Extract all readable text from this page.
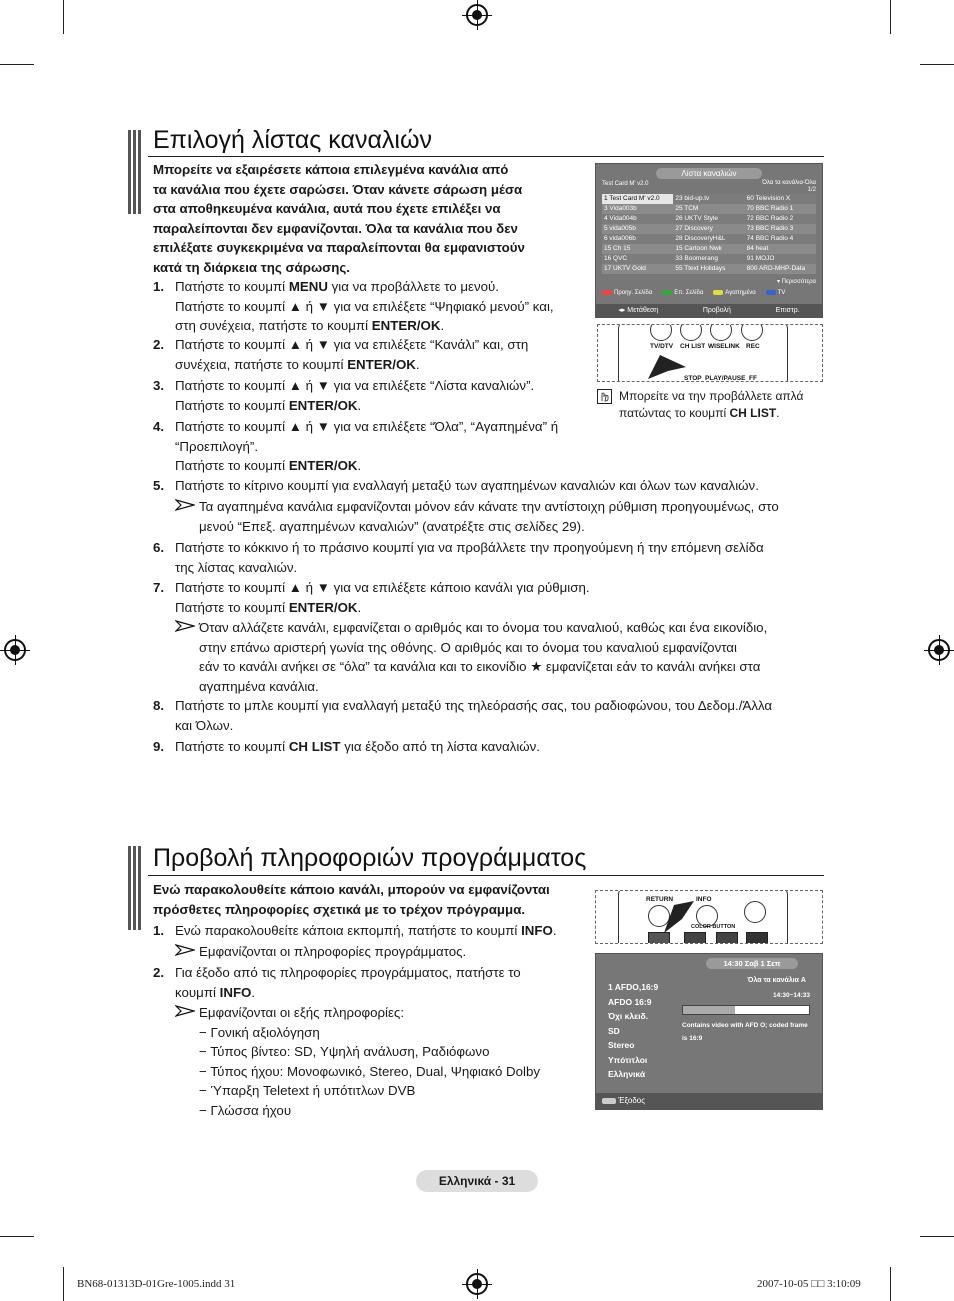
Επιλογή λίστας καναλιών
Μπορείτε να εξαιρέσετε κάποια επιλεγμένα κανάλια από
τα κανάλια που έχετε σαρώσει. Όταν κάνετε σάρωση μέσα
στα αποθηκευμένα κανάλια, αυτά που έχετε επιλέξει να
παραλείπονται δεν εμφανίζονται. Όλα τα κανάλια που δεν
επιλέξατε συγκεκριμένα να παραλείπονται θα εμφανιστούν
κατά τη διάρκεια της σάρωσης.
1. Πατήστε το κουμπί MENU για να προβάλλετε το μενού.
Πατήστε το κουμπί ▲ ή ▼ για να επιλέξετε “Ψηφιακό μενού” και,
στη συνέχεια, πατήστε το κουμπί ENTER/OK.
2. Πατήστε το κουμπί ▲ ή ▼ για να επιλέξετε “Κανάλι” και, στη
συνέχεια, πατήστε το κουμπί ENTER/OK.
3. Πατήστε το κουμπί ▲ ή ▼ για να επιλέξετε “Λίστα καναλιών”.
Πατήστε το κουμπί ENTER/OK.
4. Πατήστε το κουμπί ▲ ή ▼ για να επιλέξετε “Όλα”, “Αγαπημένα” ή
“Προεπιλογή”.
Πατήστε το κουμπί ENTER/OK.
5. Πατήστε το κίτρινο κουμπί για εναλλαγή μεταξύ των αγαπημένων καναλιών και όλων των καναλιών.
Τα αγαπημένα κανάλια εμφανίζονται μόνον εάν κάνατε την αντίστοιχη ρύθμιση προηγουμένως, στο
μενού “Επεξ. αγαπημένων καναλιών” (ανατρέξτε στις σελίδες 29).
6. Πατήστε το κόκκινο ή το πράσινο κουμπί για να προβάλλετε την προηγούμενη ή την επόμενη σελίδα
της λίστας καναλιών.
7. Πατήστε το κουμπί ▲ ή ▼ για να επιλέξετε κάποιο κανάλι για ρύθμιση.
Πατήστε το κουμπί ENTER/OK.
Όταν αλλάζετε κανάλι, εμφανίζεται ο αριθμός και το όνομα του καναλιού, καθώς και ένα εικονίδιο,
στην επάνω αριστερή γωνία της οθόνης. Ο αριθμός και το όνομα του καναλιού εμφανίζονται
εάν το κανάλι ανήκει σε “όλα” τα κανάλια και το εικονίδιο ★ εμφανίζεται εάν το κανάλι ανήκει στα
αγαπημένα κανάλια.
8. Πατήστε το μπλε κουμπί για εναλλαγή μεταξύ της τηλεόρασής σας, του ραδιοφώνου, του Δεδομ./Άλλα
και Όλων.
9. Πατήστε το κουμπί CH LIST για έξοδο από τη λίστα καναλιών.
Λίστα καναλιών
Test Card M' v2.0	Όλα τα κανάλια-Όλα
1/2
1 Test Card M' v2.0	23 bid-up.tv	60 Television X
3 Vida003b	25 TCM	70 BBC Radio 1
4 Vida004b	26 UKTV Style	72 BBC Radio 2
5 vida005b	27 Discovery	73 BBC Radio 3
6 vida006b	28 DiscoveryH&L	74 BBC Radio 4
15 Ch 15	15 Cartoon Nwk	84 heat
16 QVC	33 Boomerang	91 MOJO
17 UKTV Gold	55 Ttext Holidays	800 ARD-MHP-Data
▾ Περισσότερα
Προηγ. Σελίδα	Επ. Σελίδα	Αγαπημένα	TV
◂▸ Μετάθεση	Προβολή	Επιστρ.
TV/DTV CH LIST WISELINK REC
STOP PLAY/PAUSE FF
Μπορείτε να την προβάλλετε απλά
πατώντας το κουμπί CH LIST.
Προβολή πληροφοριών προγράμματος
Ενώ παρακολουθείτε κάποιο κανάλι, μπορούν να εμφανίζονται
πρόσθετες πληροφορίες σχετικά με το τρέχον πρόγραμμα.
1. Ενώ παρακολουθείτε κάποια εκπομπή, πατήστε το κουμπί INFO.
Εμφανίζονται οι πληροφορίες προγράμματος.
2. Για έξοδο από τις πληροφορίες προγράμματος, πατήστε το
κουμπί INFO.
Εμφανίζονται οι εξής πληροφορίες:
− Γονική αξιολόγηση
− Τύπος βίντεο: SD, Υψηλή ανάλυση, Ραδιόφωνο
− Τύπος ήχου: Μονοφωνικό, Stereo, Dual, Ψηφιακό Dolby
− Ύπαρξη Teletext ή υπότιτλων DVB
− Γλώσσα ήχου
RETURN	INFO
COLOR BUTTON
14:30 Σαβ 1 Σεπ
1 AFDO,16:9
AFDO 16:9
Όχι κλειδ.
SD
Stereo
Υπότιτλοι
Ελληνικά
Όλα τα κανάλια A
14:30~14:33
Contains video with AFD O; coded frame
is 16:9
Έξοδος
Ελληνικά - 31
BN68-01313D-01Gre-1005.indd 31	2007-10-05 □□ 3:10:09
